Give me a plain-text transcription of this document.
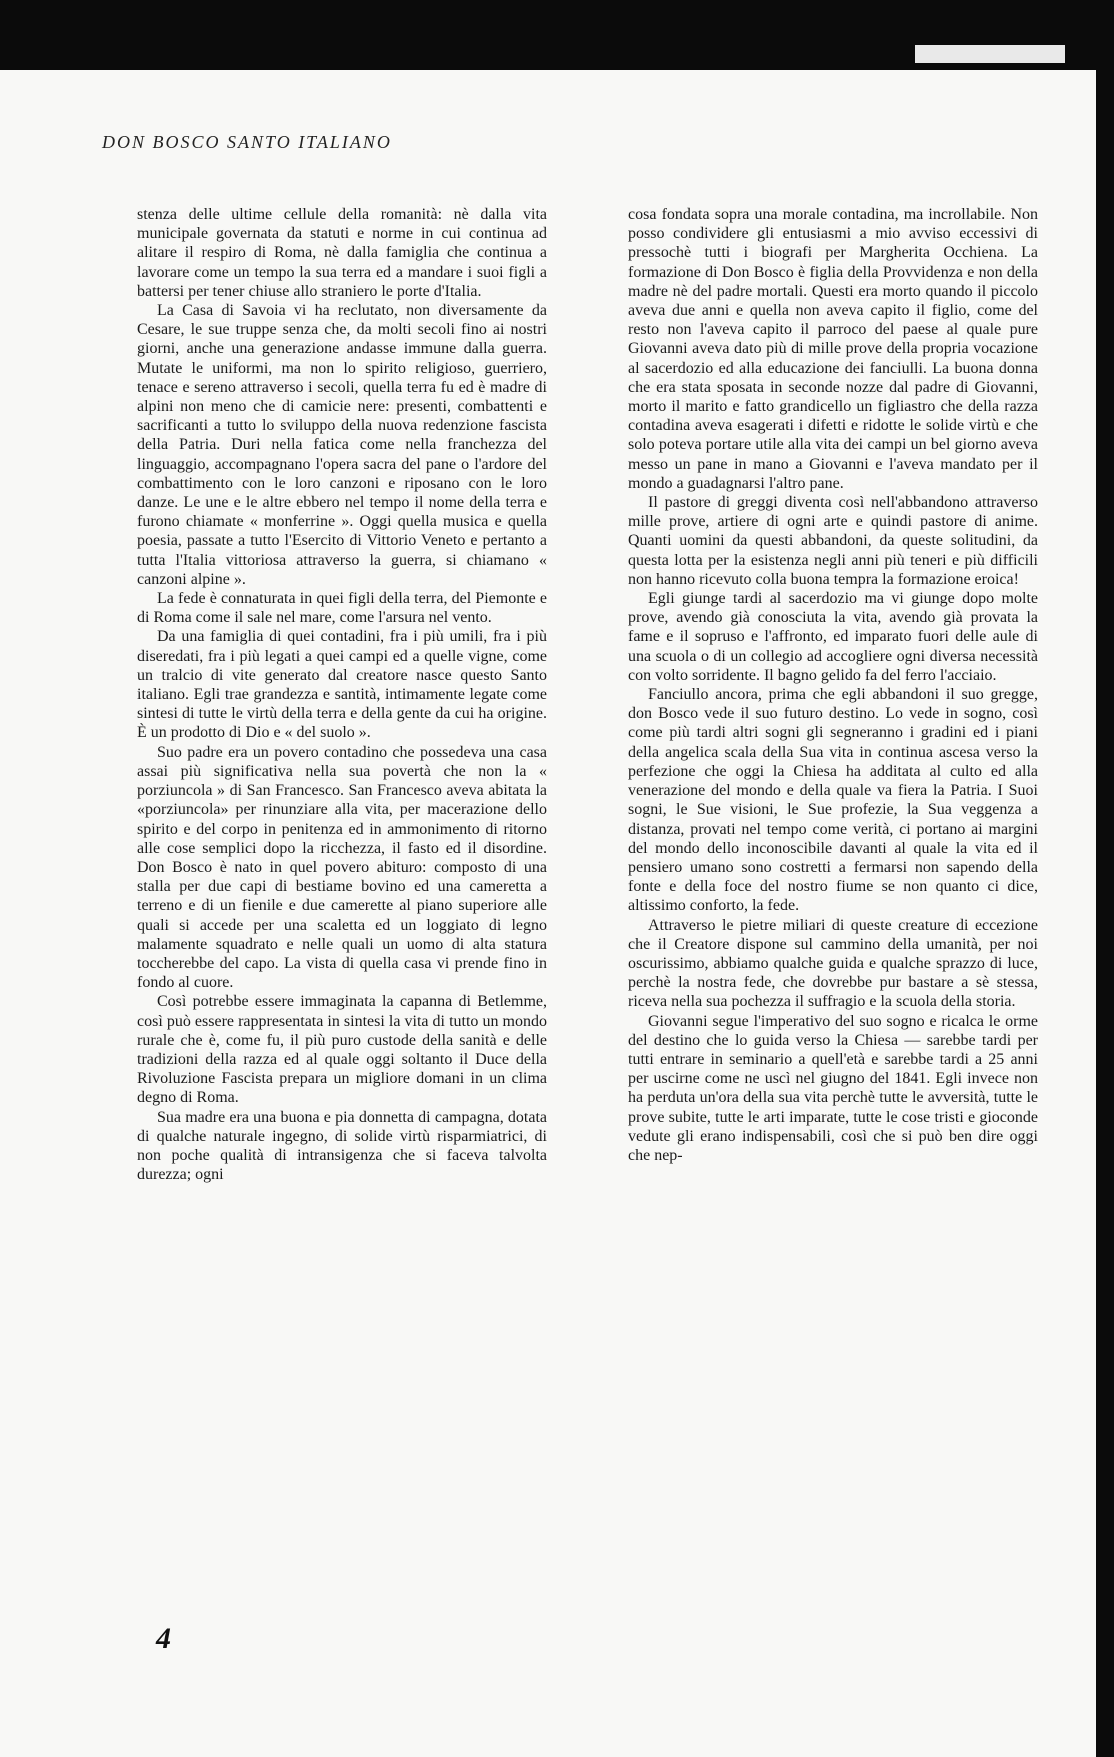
DON BOSCO SANTO ITALIANO

stenza delle ultime cellule della romanità: nè dalla vita municipale governata da statuti e norme in cui continua ad alitare il respiro di Roma, nè dalla famiglia che continua a lavorare come un tempo la sua terra ed a mandare i suoi figli a battersi per tener chiuse allo straniero le porte d'Italia.

La Casa di Savoia vi ha reclutato, non diversamente da Cesare, le sue truppe senza che, da molti secoli fino ai nostri giorni, anche una generazione andasse immune dalla guerra. Mutate le uniformi, ma non lo spirito religioso, guerriero, tenace e sereno attraverso i secoli, quella terra fu ed è madre di alpini non meno che di camicie nere: presenti, combattenti e sacrificanti a tutto lo sviluppo della nuova redenzione fascista della Patria. Duri nella fatica come nella franchezza del linguaggio, accompagnano l'opera sacra del pane o l'ardore del combattimento con le loro canzoni e riposano con le loro danze. Le une e le altre ebbero nel tempo il nome della terra e furono chiamate « monferrine ». Oggi quella musica e quella poesia, passate a tutto l'Esercito di Vittorio Veneto e pertanto a tutta l'Italia vittoriosa attraverso la guerra, si chiamano « canzoni alpine ».

La fede è connaturata in quei figli della terra, del Piemonte e di Roma come il sale nel mare, come l'arsura nel vento.

Da una famiglia di quei contadini, fra i più umili, fra i più diseredati, fra i più legati a quei campi ed a quelle vigne, come un tralcio di vite generato dal creatore nasce questo Santo italiano. Egli trae grandezza e santità, intimamente legate come sintesi di tutte le virtù della terra e della gente da cui ha origine. È un prodotto di Dio e « del suolo ».

Suo padre era un povero contadino che possedeva una casa assai più significativa nella sua povertà che non la « porziuncola » di San Francesco. San Francesco aveva abitata la «porziuncola» per rinunziare alla vita, per macerazione dello spirito e del corpo in penitenza ed in ammonimento di ritorno alle cose semplici dopo la ricchezza, il fasto ed il disordine. Don Bosco è nato in quel povero abituro: composto di una stalla per due capi di bestiame bovino ed una cameretta a terreno e di un fienile e due camerette al piano superiore alle quali si accede per una scaletta ed un loggiato di legno malamente squadrato e nelle quali un uomo di alta statura toccherebbe del capo. La vista di quella casa vi prende fino in fondo al cuore.

Così potrebbe essere immaginata la capanna di Betlemme, così può essere rappresentata in sintesi la vita di tutto un mondo rurale che è, come fu, il più puro custode della sanità e delle tradizioni della razza ed al quale oggi soltanto il Duce della Rivoluzione Fascista prepara un migliore domani in un clima degno di Roma.

Sua madre era una buona e pia donnetta di campagna, dotata di qualche naturale ingegno, di solide virtù risparmiatrici, di non poche qualità di intransigenza che si faceva talvolta durezza; ogni

cosa fondata sopra una morale contadina, ma incrollabile. Non posso condividere gli entusiasmi a mio avviso eccessivi di pressochè tutti i biografi per Margherita Occhiena. La formazione di Don Bosco è figlia della Provvidenza e non della madre nè del padre mortali. Questi era morto quando il piccolo aveva due anni e quella non aveva capito il figlio, come del resto non l'aveva capito il parroco del paese al quale pure Giovanni aveva dato più di mille prove della propria vocazione al sacerdozio ed alla educazione dei fanciulli. La buona donna che era stata sposata in seconde nozze dal padre di Giovanni, morto il marito e fatto grandicello un figliastro che della razza contadina aveva esagerati i difetti e ridotte le solide virtù e che solo poteva portare utile alla vita dei campi un bel giorno aveva messo un pane in mano a Giovanni e l'aveva mandato per il mondo a guadagnarsi l'altro pane.

Il pastore di greggi diventa così nell'abbandono attraverso mille prove, artiere di ogni arte e quindi pastore di anime. Quanti uomini da questi abbandoni, da queste solitudini, da questa lotta per la esistenza negli anni più teneri e più difficili non hanno ricevuto colla buona tempra la formazione eroica!

Egli giunge tardi al sacerdozio ma vi giunge dopo molte prove, avendo già conosciuta la vita, avendo già provata la fame e il sopruso e l'affronto, ed imparato fuori delle aule di una scuola o di un collegio ad accogliere ogni diversa necessità con volto sorridente. Il bagno gelido fa del ferro l'acciaio.

Fanciullo ancora, prima che egli abbandoni il suo gregge, don Bosco vede il suo futuro destino. Lo vede in sogno, così come più tardi altri sogni gli segneranno i gradini ed i piani della angelica scala della Sua vita in continua ascesa verso la perfezione che oggi la Chiesa ha additata al culto ed alla venerazione del mondo e della quale va fiera la Patria. I Suoi sogni, le Sue visioni, le Sue profezie, la Sua veggenza a distanza, provati nel tempo come verità, ci portano ai margini del mondo dello inconoscibile davanti al quale la vita ed il pensiero umano sono costretti a fermarsi non sapendo della fonte e della foce del nostro fiume se non quanto ci dice, altissimo conforto, la fede.

Attraverso le pietre miliari di queste creature di eccezione che il Creatore dispone sul cammino della umanità, per noi oscurissimo, abbiamo qualche guida e qualche sprazzo di luce, perchè la nostra fede, che dovrebbe pur bastare a sè stessa, riceva nella sua pochezza il suffragio e la scuola della storia.

Giovanni segue l'imperativo del suo sogno e ricalca le orme del destino che lo guida verso la Chiesa — sarebbe tardi per tutti entrare in seminario a quell'età e sarebbe tardi a 25 anni per uscirne come ne uscì nel giugno del 1841. Egli invece non ha perduta un'ora della sua vita perchè tutte le avversità, tutte le prove subite, tutte le arti imparate, tutte le cose tristi e gioconde vedute gli erano indispensabili, così che si può ben dire oggi che nep-

4
